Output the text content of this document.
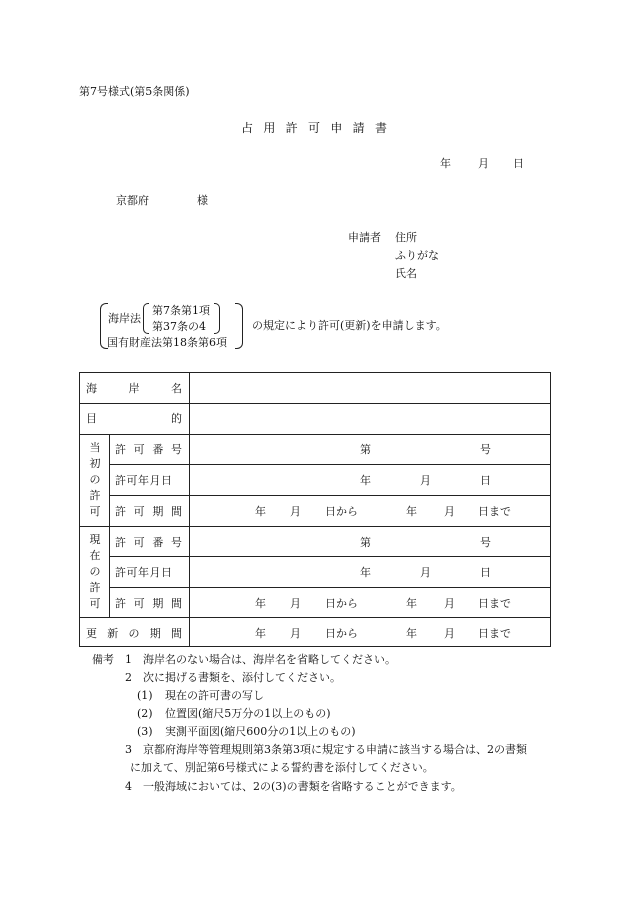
第7号様式(第5条関係)
占 用 許 可 申 請 書
年 月 日
京都府	様
申請者 住所
ふりがな
氏名
海岸法
第7条第1項
第37条の4
国有財産法第18条第6項
の規定により許可(更新)を申請します。
海	岸	名
目	的
当
初
の
許
可
許 可 番 号	第	号
許可年月日	年	月	日
許 可 期 間	年 月 日から	年 月 日まで
現
在
の
許
可
許 可 番 号	第	号
許可年月日	年	月	日
許 可 期 間	年 月 日から	年 月 日まで
更 新 の 期 間	年 月 日から	年 月 日まで
備考 1 海岸名のない場合は、海岸名を省略してください。
2 次に掲げる書類を、添付してください。
(1) 現在の許可書の写し
(2) 位置図(縮尺5万分の1以上のもの)
(3) 実測平面図(縮尺600分の1以上のもの)
3 京都府海岸等管理規則第3条第3項に規定する申請に該当する場合は、2の書類
に加えて、別記第6号様式による誓約書を添付してください。
4 一般海域においては、2の(3)の書類を省略することができます。
